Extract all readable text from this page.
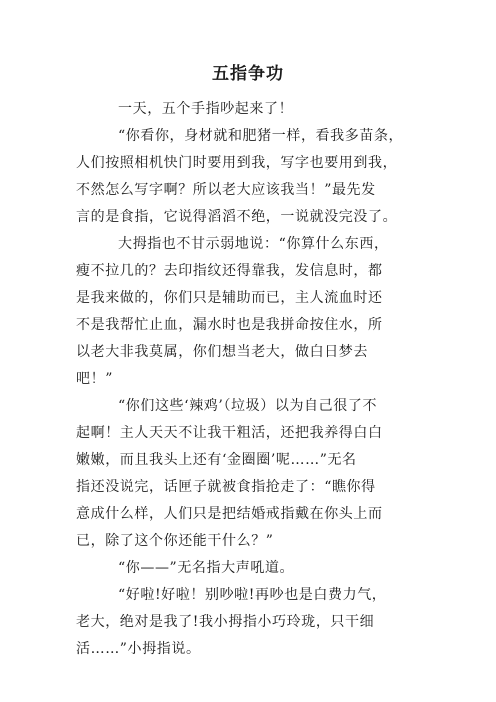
五指争功
一天，五个手指吵起来了！
“你看你，身材就和肥猪一样，看我多苗条，
人们按照相机快门时要用到我，写字也要用到我，
不然怎么写字啊？所以老大应该我当！”最先发
言的是食指，它说得滔滔不绝，一说就没完没了。
大拇指也不甘示弱地说：“你算什么东西，
瘦不拉几的？去印指纹还得靠我，发信息时，都
是我来做的，你们只是辅助而已，主人流血时还
不是我帮忙止血，漏水时也是我拼命按住水，所
以老大非我莫属，你们想当老大，做白日梦去
吧！”
“你们这些‘辣鸡’（垃圾）以为自己很了不
起啊！主人天天不让我干粗活，还把我养得白白
嫩嫩，而且我头上还有‘金圈圈’呢……”无名
指还没说完，话匣子就被食指抢走了：“瞧你得
意成什么样，人们只是把结婚戒指戴在你头上而
已，除了这个你还能干什么？”
“你——”无名指大声吼道。
“好啦!好啦！别吵啦!再吵也是白费力气，
老大，绝对是我了!我小拇指小巧玲珑，只干细
活……”小拇指说。
